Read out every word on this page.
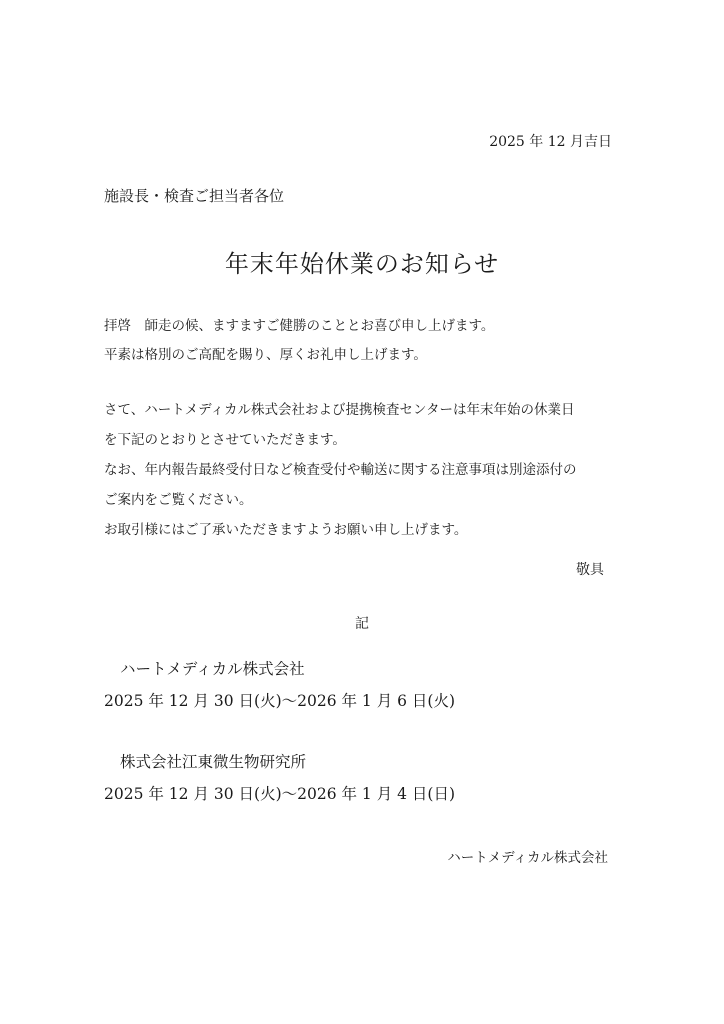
2025 年 12 月吉日
施設長・検査ご担当者各位
年末年始休業のお知らせ
拝啓　師走の候、ますますご健勝のこととお喜び申し上げます。
平素は格別のご高配を賜り、厚くお礼申し上げます。
さて、ハートメディカル株式会社および提携検査センターは年末年始の休業日
を下記のとおりとさせていただきます。
なお、年内報告最終受付日など検査受付や輸送に関する注意事項は別途添付の
ご案内をご覧ください。
お取引様にはご了承いただきますようお願い申し上げます。
敬具
記
ハートメディカル株式会社
2025 年 12 月 30 日(火)～2026 年 1 月 6 日(火)
株式会社江東微生物研究所
2025 年 12 月 30 日(火)～2026 年 1 月 4 日(日)
ハートメディカル株式会社
